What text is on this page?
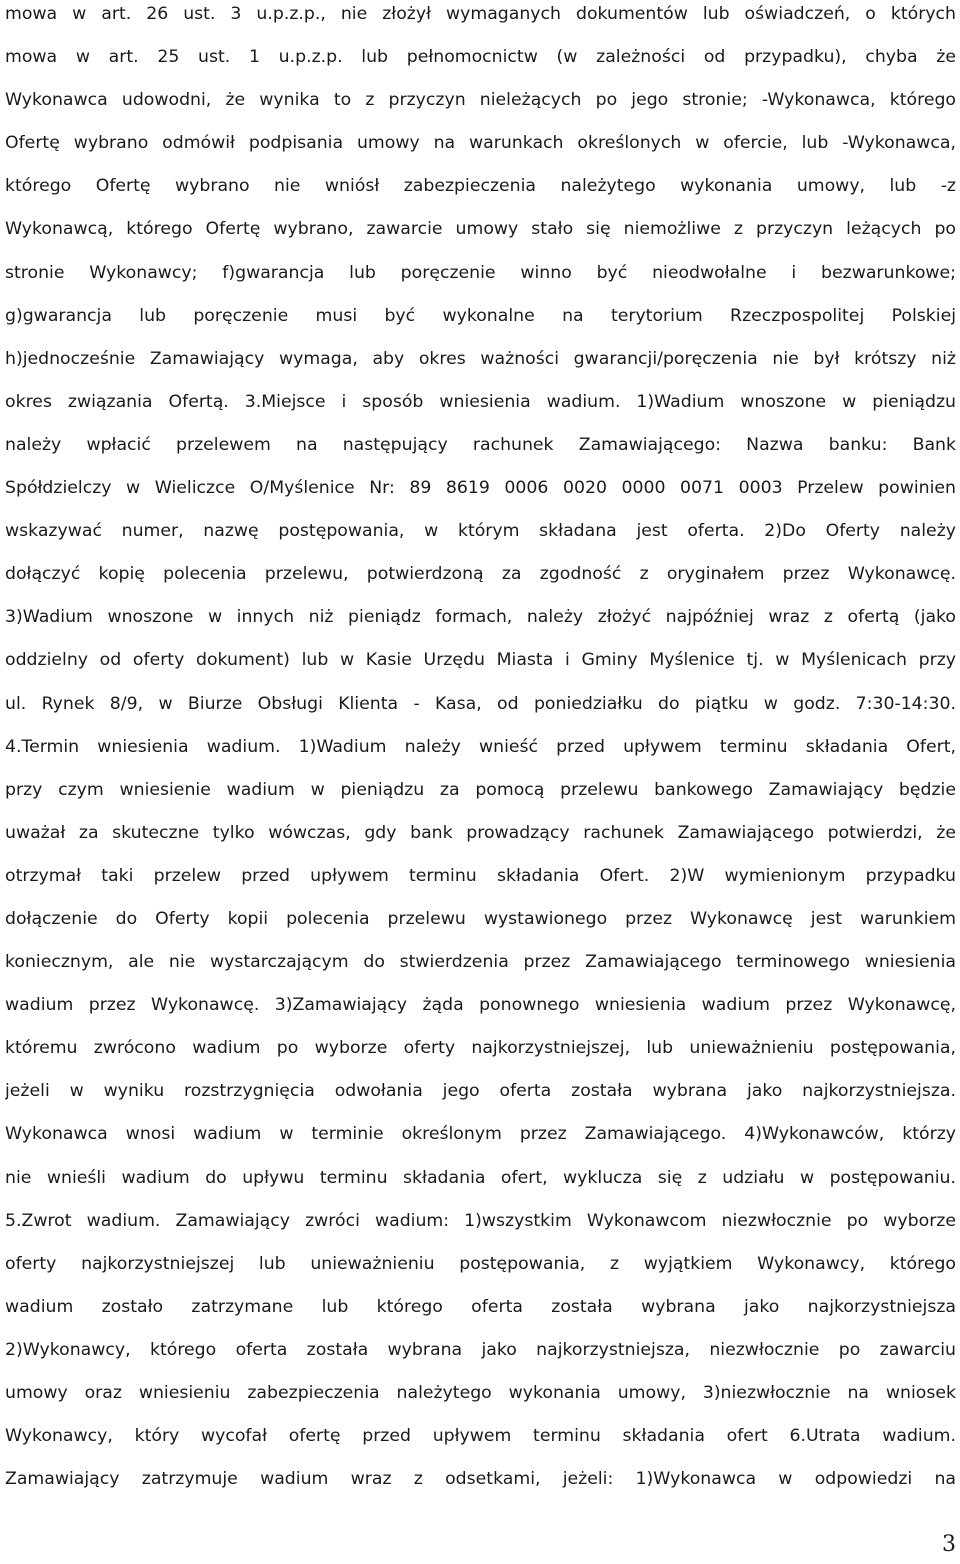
mowa w art. 26 ust. 3 u.p.z.p., nie złożył wymaganych dokumentów lub oświadczeń, o których
mowa w art. 25 ust. 1 u.p.z.p. lub pełnomocnictw (w zależności od przypadku), chyba że
Wykonawca udowodni, że wynika to z przyczyn nieleżących po jego stronie; -Wykonawca, którego
Ofertę wybrano odmówił podpisania umowy na warunkach określonych w ofercie, lub -Wykonawca,
którego Ofertę wybrano nie wniósł zabezpieczenia należytego wykonania umowy, lub -z
Wykonawcą, którego Ofertę wybrano, zawarcie umowy stało się niemożliwe z przyczyn leżących po
stronie Wykonawcy; f)gwarancja lub poręczenie winno być nieodwołalne i bezwarunkowe;
g)gwarancja lub poręczenie musi być wykonalne na terytorium Rzeczpospolitej Polskiej
h)jednocześnie Zamawiający wymaga, aby okres ważności gwarancji/poręczenia nie był krótszy niż
okres związania Ofertą. 3.Miejsce i sposób wniesienia wadium. 1)Wadium wnoszone w pieniądzu
należy wpłacić przelewem na następujący rachunek Zamawiającego: Nazwa banku: Bank
Spółdzielczy w Wieliczce O/Myślenice Nr: 89 8619 0006 0020 0000 0071 0003 Przelew powinien
wskazywać numer, nazwę postępowania, w którym składana jest oferta. 2)Do Oferty należy
dołączyć kopię polecenia przelewu, potwierdzoną za zgodność z oryginałem przez Wykonawcę.
3)Wadium wnoszone w innych niż pieniądz formach, należy złożyć najpóźniej wraz z ofertą (jako
oddzielny od oferty dokument) lub w Kasie Urzędu Miasta i Gminy Myślenice tj. w Myślenicach przy
ul. Rynek 8/9, w Biurze Obsługi Klienta - Kasa, od poniedziałku do piątku w godz. 7:30-14:30.
4.Termin wniesienia wadium. 1)Wadium należy wnieść przed upływem terminu składania Ofert,
przy czym wniesienie wadium w pieniądzu za pomocą przelewu bankowego Zamawiający będzie
uważał za skuteczne tylko wówczas, gdy bank prowadzący rachunek Zamawiającego potwierdzi, że
otrzymał taki przelew przed upływem terminu składania Ofert. 2)W wymienionym przypadku
dołączenie do Oferty kopii polecenia przelewu wystawionego przez Wykonawcę jest warunkiem
koniecznym, ale nie wystarczającym do stwierdzenia przez Zamawiającego terminowego wniesienia
wadium przez Wykonawcę. 3)Zamawiający żąda ponownego wniesienia wadium przez Wykonawcę,
któremu zwrócono wadium po wyborze oferty najkorzystniejszej, lub unieważnieniu postępowania,
jeżeli w wyniku rozstrzygnięcia odwołania jego oferta została wybrana jako najkorzystniejsza.
Wykonawca wnosi wadium w terminie określonym przez Zamawiającego. 4)Wykonawców, którzy
nie wnieśli wadium do upływu terminu składania ofert, wyklucza się z udziału w postępowaniu.
5.Zwrot wadium. Zamawiający zwróci wadium: 1)wszystkim Wykonawcom niezwłocznie po wyborze
oferty najkorzystniejszej lub unieważnieniu postępowania, z wyjątkiem Wykonawcy, którego
wadium zostało zatrzymane lub którego oferta została wybrana jako najkorzystniejsza
2)Wykonawcy, którego oferta została wybrana jako najkorzystniejsza, niezwłocznie po zawarciu
umowy oraz wniesieniu zabezpieczenia należytego wykonania umowy, 3)niezwłocznie na wniosek
Wykonawcy, który wycofał ofertę przed upływem terminu składania ofert 6.Utrata wadium.
Zamawiający zatrzymuje wadium wraz z odsetkami, jeżeli: 1)Wykonawca w odpowiedzi na
3
